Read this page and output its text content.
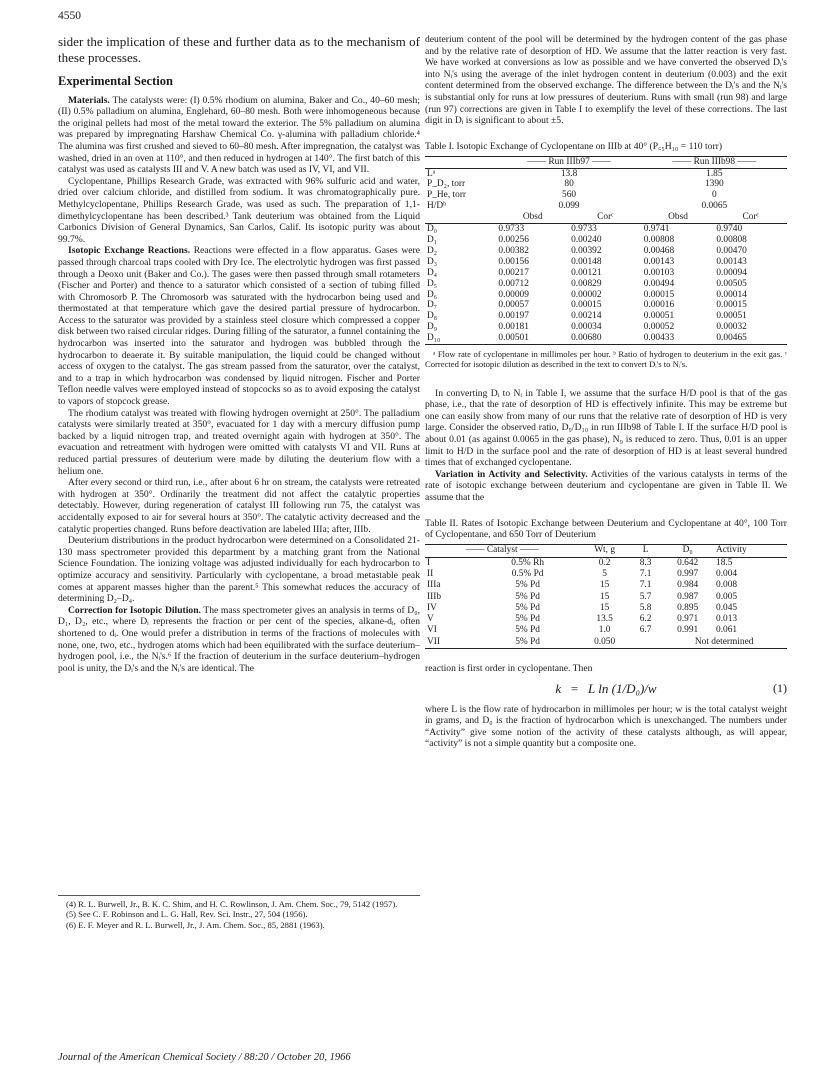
4550

sider the implication of these and further data as to the mechanism of these processes.

Experimental Section

Materials. The catalysts were: (I) 0.5% rhodium on alumina, Baker and Co., 40–60 mesh; (II) 0.5% palladium on alumina, Englehard, 60–80 mesh. Both were inhomogeneous because the original pellets had most of the metal toward the exterior. The 5% palladium on alumina was prepared by impregnating Harshaw Chemical Co. γ-alumina with palladium chloride.⁴ The alumina was first crushed and sieved to 60–80 mesh. After impregnation, the catalyst was washed, dried in an oven at 110°, and then reduced in hydrogen at 140°. The first batch of this catalyst was used as catalysts III and V. A new batch was used as IV, VI, and VII.

Cyclopentane, Phillips Research Grade, was extracted with 96% sulfuric acid and water, dried over calcium chloride, and distilled from sodium. It was chromatographically pure. Methylcyclopentane, Phillips Research Grade, was used as such. The preparation of 1,1-dimethylcyclopentane has been described.³ Tank deuterium was obtained from the Liquid Carbonics Division of General Dynamics, San Carlos, Calif. Its isotopic purity was about 99.7%.

Isotopic Exchange Reactions. Reactions were effected in a flow apparatus. Gases were passed through charcoal traps cooled with Dry Ice. The electrolytic hydrogen was first passed through a Deoxo unit (Baker and Co.). The gases were then passed through small rotameters (Fischer and Porter) and thence to a saturator which consisted of a section of tubing filled with Chromosorb P. The Chromosorb was saturated with the hydrocarbon being used and thermostated at that temperature which gave the desired partial pressure of hydrocarbon. Access to the saturator was provided by a stainless steel closure which compressed a copper disk between two raised circular ridges. During filling of the saturator, a funnel containing the hydrocarbon was inserted into the saturator and hydrogen was bubbled through the hydrocarbon to deaerate it. By suitable manipulation, the liquid could be changed without access of oxygen to the catalyst. The gas stream passed from the saturator, over the catalyst, and to a trap in which hydrocarbon was condensed by liquid nitrogen. Fischer and Porter Teflon needle valves were employed instead of stopcocks so as to avoid exposing the catalyst to vapors of stopcock grease.

The rhodium catalyst was treated with flowing hydrogen overnight at 250°. The palladium catalysts were similarly treated at 350°, evacuated for 1 day with a mercury diffusion pump backed by a liquid nitrogen trap, and treated overnight again with hydrogen at 350°. The evacuation and retreatment with hydrogen were omitted with catalysts VI and VII. Runs at reduced partial pressures of deuterium were made by diluting the deuterium flow with a helium one.

After every second or third run, i.e., after about 6 hr on stream, the catalysts were retreated with hydrogen at 350°. Ordinarily the treatment did not affect the catalytic properties detectably. However, during regeneration of catalyst III following run 75, the catalyst was accidentally exposed to air for several hours at 350°. The catalytic activity decreased and the catalytic properties changed. Runs before deactivation are labeled IIIa; after, IIIb.

Deuterium distributions in the product hydrocarbon were determined on a Consolidated 21-130 mass spectrometer provided this department by a matching grant from the National Science Foundation. The ionizing voltage was adjusted individually for each hydrocarbon to optimize accuracy and sensitivity. Particularly with cyclopentane, a broad metastable peak comes at apparent masses higher than the parent.⁵ This somewhat reduces the accuracy of determining D₂–D₄.

Correction for Isotopic Dilution. The mass spectrometer gives an analysis in terms of D₀, D₁, D₂, etc., where Dᵢ represents the fraction or per cent of the species, alkane-dᵢ, often shortened to dᵢ. One would prefer a distribution in terms of the fractions of molecules with none, one, two, etc., hydrogen atoms which had been equilibrated with the surface deuterium–hydrogen pool, i.e., the Nᵢ's.⁶ If the fraction of deuterium in the surface deuterium–hydrogen pool is unity, the Dᵢ's and the Nᵢ's are identical. The

(4) R. L. Burwell, Jr., B. K. C. Shim, and H. C. Rowlinson, J. Am. Chem. Soc., 79, 5142 (1957).

(5) See C. F. Robinson and L. G. Hall, Rev. Sci. Instr., 27, 504 (1956).

(6) E. F. Meyer and R. L. Burwell, Jr., J. Am. Chem. Soc., 85, 2881 (1963).

deuterium content of the pool will be determined by the hydrogen content of the gas phase and by the relative rate of desorption of HD. We assume that the latter reaction is very fast. We have worked at conversions as low as possible and we have converted the observed Dᵢ's into Nᵢ's using the average of the inlet hydrogen content in deuterium (0.003) and the exit content determined from the observed exchange. The difference between the Dᵢ's and the Nᵢ's is substantial only for runs at low pressures of deuterium. Runs with small (run 98) and large (run 97) corrections are given in Table I to exemplify the level of these corrections. The last digit in Dᵢ is significant to about ±5.

Table I. Isotopic Exchange of Cyclopentane on IIIb at 40° (P꜀₅H₁₀ = 110 torr)

	—— Run IIIb97 ——		—— Run IIIb98 ——	

Lᵃ	13.8		1.85	
P_D₂, torr	80		1390	
P_He, torr	560		0	
H/Dᵇ	0.099		0.0065	
	Obsd	Corᶜ	Obsd	Corᶜ
D₀	0.9733	0.9733	0.9741	0.9740
D₁	0.00256	0.00240	0.00808	0.00808
D₂	0.00382	0.00392	0.00468	0.00470
D₃	0.00156	0.00148	0.00143	0.00143
D₄	0.00217	0.00121	0.00103	0.00094
D₅	0.00712	0.00829	0.00494	0.00505
D₆	0.00009	0.00002	0.00015	0.00014
D₇	0.00057	0.00015	0.00016	0.00015
D₈	0.00197	0.00214	0.00051	0.00051
D₉	0.00181	0.00034	0.00052	0.00032
D₁₀	0.00501	0.00680	0.00433	0.00465

ᵃ Flow rate of cyclopentane in millimoles per hour. ᵇ Ratio of hydrogen to deuterium in the exit gas. ᶜ Corrected for isotopic dilution as described in the text to convert Dᵢ's to Nᵢ's.

In converting Dᵢ to Nᵢ in Table I, we assume that the surface H/D pool is that of the gas phase, i.e., that the rate of desorption of HD is effectively infinite. This may be extreme but one can easily show from many of our runs that the relative rate of desorption of HD is very large. Consider the observed ratio, D₉/D₁₀ in run IIIb98 of Table I. If the surface H/D pool is about 0.01 (as against 0.0065 in the gas phase), N₉ is reduced to zero. Thus, 0.01 is an upper limit to H/D in the surface pool and the rate of desorption of HD is at least several hundred times that of exchanged cyclopentane.

Variation in Activity and Selectivity. Activities of the various catalysts in terms of the rate of isotopic exchange between deuterium and cyclopentane are given in Table II. We assume that the

Table II. Rates of Isotopic Exchange between Deuterium and Cyclopentane at 40°, 100 Torr of Cyclopentane, and 650 Torr of Deuterium

—— Catalyst ——		Wt, g	L	D₀	Activity
I	0.5% Rh	0.2	8.3	0.642	18.5
II	0.5% Pd	5	7.1	0.997	0.004
IIIa	5% Pd	15	7.1	0.984	0.008
IIIb	5% Pd	15	5.7	0.987	0.005
IV	5% Pd	15	5.8	0.895	0.045
V	5% Pd	13.5	6.2	0.971	0.013
VI	5% Pd	1.0	6.7	0.991	0.061
VII	5% Pd	0.050		Not determined	

reaction is first order in cyclopentane. Then

k = L ln (1/D₀)/w	(1)

where L is the flow rate of hydrocarbon in millimoles per hour; w is the total catalyst weight in grams, and D₀ is the fraction of hydrocarbon which is unexchanged. The numbers under “Activity” give some notion of the activity of these catalysts although, as will appear, “activity” is not a simple quantity but a composite one.

Journal of the American Chemical Society / 88:20 / October 20, 1966
